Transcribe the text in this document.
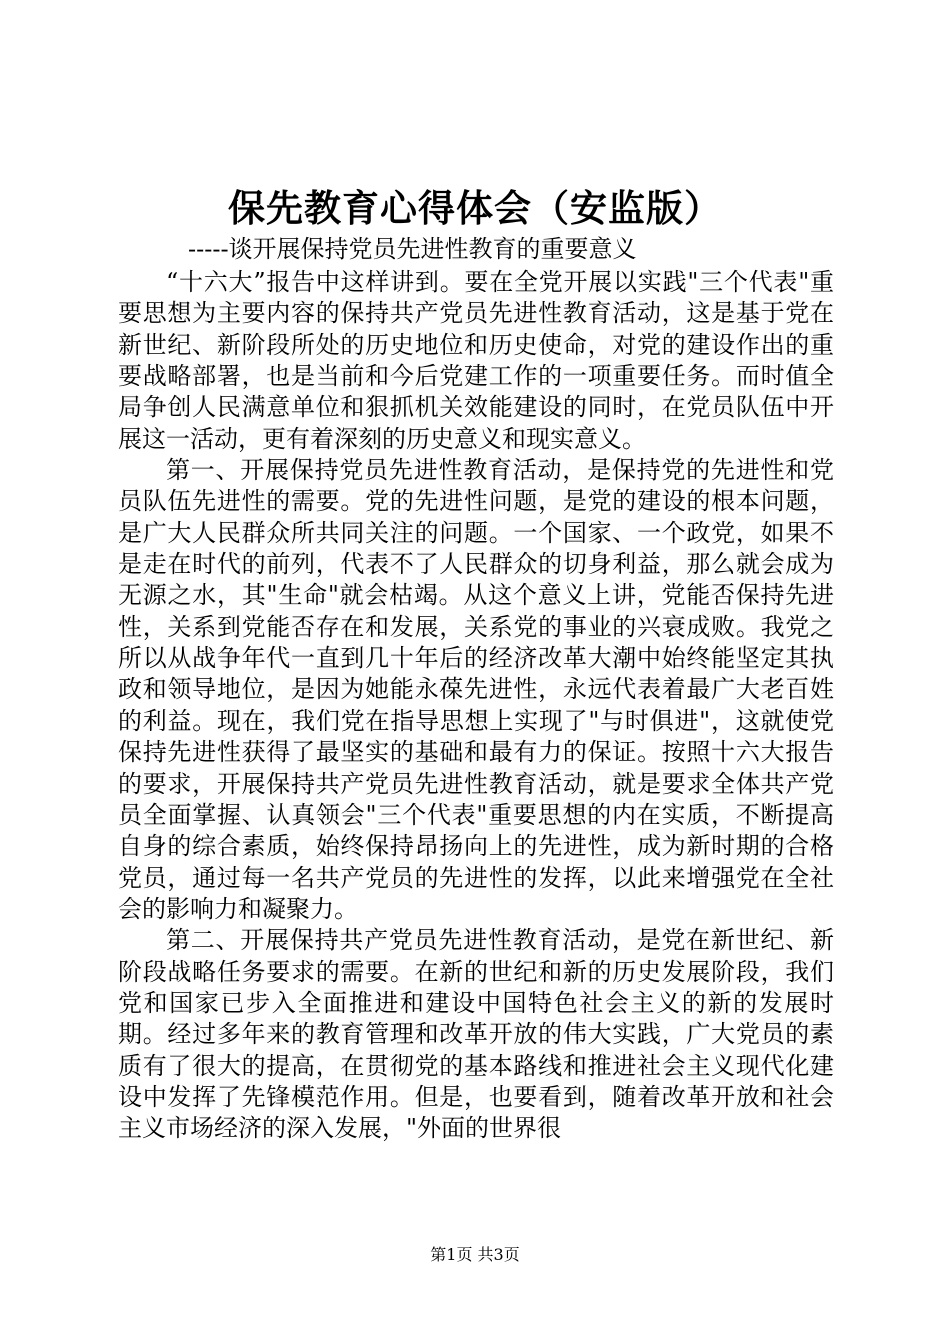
保先教育心得体会（安监版）
-----谈开展保持党员先进性教育的重要意义

“十六大”报告中这样讲到。要在全党开展以实践"三个代表"重要思想为主要内容的保持共产党员先进性教育活动，这是基于党在新世纪、新阶段所处的历史地位和历史使命，对党的建设作出的重要战略部署，也是当前和今后党建工作的一项重要任务。而时值全局争创人民满意单位和狠抓机关效能建设的同时，在党员队伍中开展这一活动，更有着深刻的历史意义和现实意义。

第一、开展保持党员先进性教育活动，是保持党的先进性和党员队伍先进性的需要。党的先进性问题，是党的建设的根本问题，是广大人民群众所共同关注的问题。一个国家、一个政党，如果不是走在时代的前列，代表不了人民群众的切身利益，那么就会成为无源之水，其"生命"就会枯竭。从这个意义上讲，党能否保持先进性，关系到党能否存在和发展，关系党的事业的兴衰成败。我党之所以从战争年代一直到几十年后的经济改革大潮中始终能坚定其执政和领导地位，是因为她能永葆先进性，永远代表着最广大老百姓的利益。现在，我们党在指导思想上实现了"与时俱进"，这就使党保持先进性获得了最坚实的基础和最有力的保证。按照十六大报告的要求，开展保持共产党员先进性教育活动，就是要求全体共产党员全面掌握、认真领会"三个代表"重要思想的内在实质，不断提高自身的综合素质，始终保持昂扬向上的先进性，成为新时期的合格党员，通过每一名共产党员的先进性的发挥，以此来增强党在全社会的影响力和凝聚力。

第二、开展保持共产党员先进性教育活动，是党在新世纪、新阶段战略任务要求的需要。在新的世纪和新的历史发展阶段，我们党和国家已步入全面推进和建设中国特色社会主义的新的发展时期。经过多年来的教育管理和改革开放的伟大实践，广大党员的素质有了很大的提高，在贯彻党的基本路线和推进社会主义现代化建设中发挥了先锋模范作用。但是，也要看到，随着改革开放和社会主义市场经济的深入发展，"外面的世界很

第1页 共3页
